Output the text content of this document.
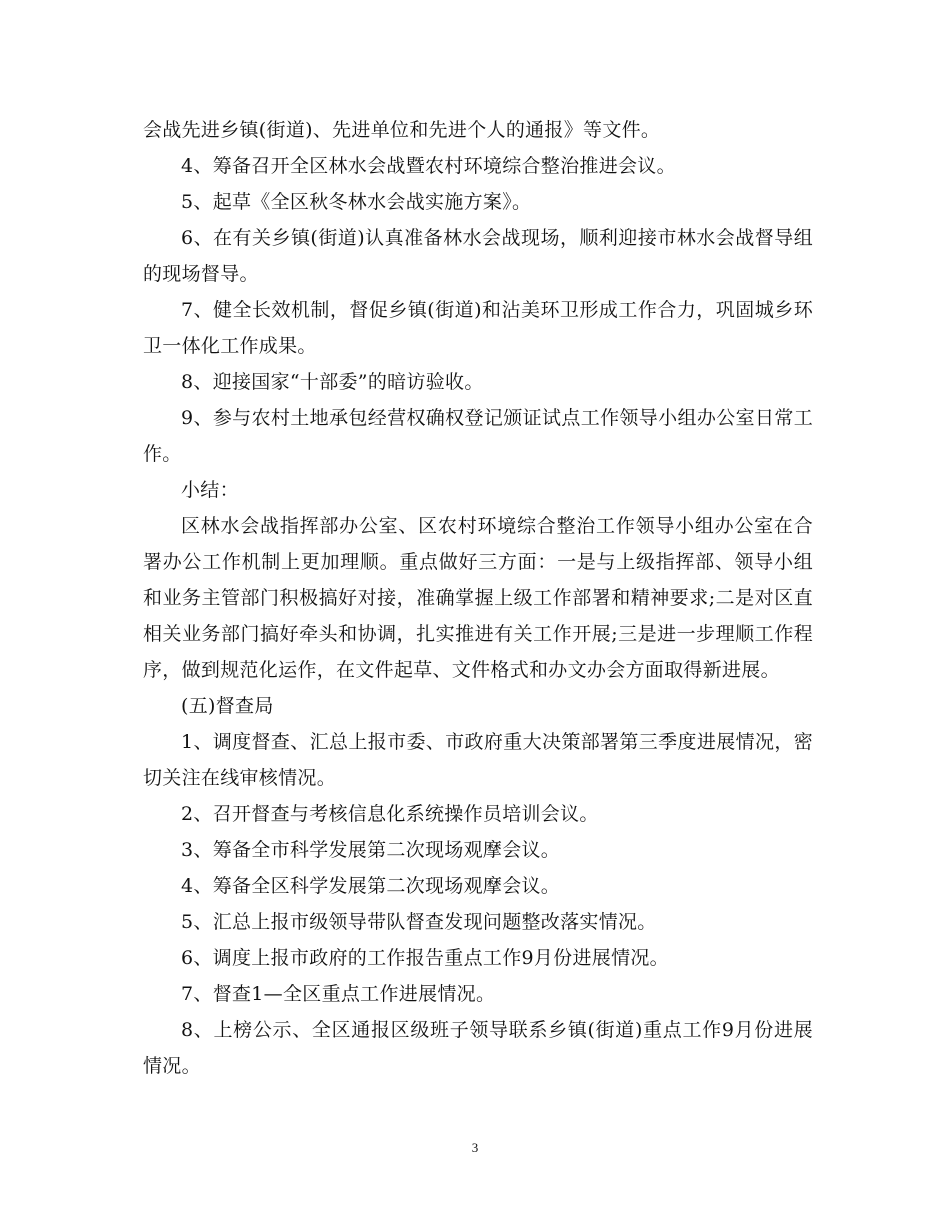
会战先进乡镇(街道)、先进单位和先进个人的通报》等文件。

4、筹备召开全区林水会战暨农村环境综合整治推进会议。

5、起草《全区秋冬林水会战实施方案》。

6、在有关乡镇(街道)认真准备林水会战现场，顺利迎接市林水会战督导组的现场督导。

7、健全长效机制，督促乡镇(街道)和沾美环卫形成工作合力，巩固城乡环卫一体化工作成果。

8、迎接国家“十部委”的暗访验收。

9、参与农村土地承包经营权确权登记颁证试点工作领导小组办公室日常工作。

小结：

区林水会战指挥部办公室、区农村环境综合整治工作领导小组办公室在合署办公工作机制上更加理顺。重点做好三方面：一是与上级指挥部、领导小组和业务主管部门积极搞好对接，准确掌握上级工作部署和精神要求;二是对区直相关业务部门搞好牵头和协调，扎实推进有关工作开展;三是进一步理顺工作程序，做到规范化运作，在文件起草、文件格式和办文办会方面取得新进展。

(五)督查局

1、调度督查、汇总上报市委、市政府重大决策部署第三季度进展情况，密切关注在线审核情况。

2、召开督查与考核信息化系统操作员培训会议。

3、筹备全市科学发展第二次现场观摩会议。

4、筹备全区科学发展第二次现场观摩会议。

5、汇总上报市级领导带队督查发现问题整改落实情况。

6、调度上报市政府的工作报告重点工作9月份进展情况。

7、督查1—全区重点工作进展情况。

8、上榜公示、全区通报区级班子领导联系乡镇(街道)重点工作9月份进展情况。

3
